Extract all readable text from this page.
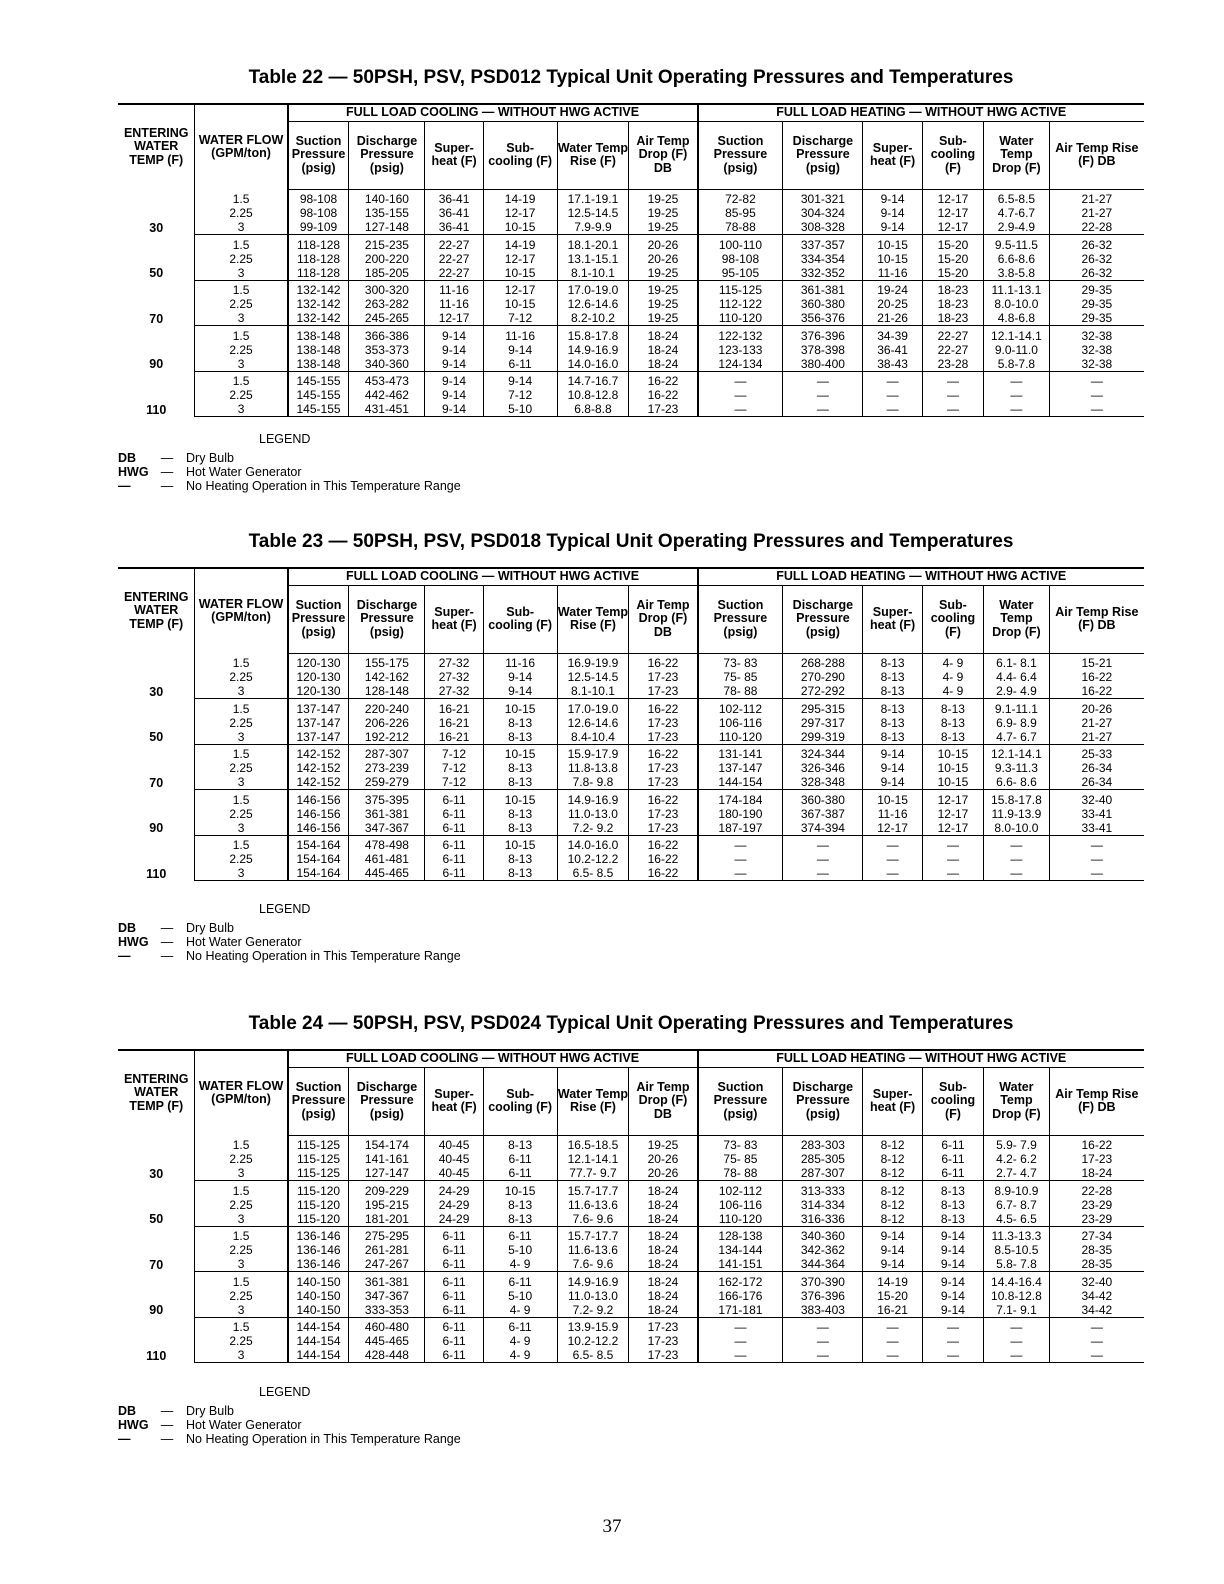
Table 22 — 50PSH, PSV, PSD012 Typical Unit Operating Pressures and Temperatures
ENTERING WATER TEMP (F)	WATER FLOW (GPM/ton)	FULL LOAD COOLING — WITHOUT HWG ACTIVE						FULL LOAD HEATING — WITHOUT HWG ACTIVE					
		Suction Pressure (psig)	Discharge Pressure (psig)	Super- heat (F)	Sub- cooling (F)	Water Temp Rise (F)	Air Temp Drop (F) DB	Suction Pressure (psig)	Discharge Pressure (psig)	Super- heat (F)	Sub- cooling (F)	Water Temp Drop (F)	Air Temp Rise (F) DB
30	1.5	98-108	140-160	36-41	14-19	17.1-19.1	19-25	72-82	301-321	9-14	12-17	6.5-8.5	21-27
	2.25	98-108	135-155	36-41	12-17	12.5-14.5	19-25	85-95	304-324	9-14	12-17	4.7-6.7	21-27
	3	99-109	127-148	36-41	10-15	7.9-9.9	19-25	78-88	308-328	9-14	12-17	2.9-4.9	22-28
50	1.5	118-128	215-235	22-27	14-19	18.1-20.1	20-26	100-110	337-357	10-15	15-20	9.5-11.5	26-32
	2.25	118-128	200-220	22-27	12-17	13.1-15.1	20-26	98-108	334-354	10-15	15-20	6.6-8.6	26-32
	3	118-128	185-205	22-27	10-15	8.1-10.1	19-25	95-105	332-352	11-16	15-20	3.8-5.8	26-32
70	1.5	132-142	300-320	11-16	12-17	17.0-19.0	19-25	115-125	361-381	19-24	18-23	11.1-13.1	29-35
	2.25	132-142	263-282	11-16	10-15	12.6-14.6	19-25	112-122	360-380	20-25	18-23	8.0-10.0	29-35
	3	132-142	245-265	12-17	7-12	8.2-10.2	19-25	110-120	356-376	21-26	18-23	4.8-6.8	29-35
90	1.5	138-148	366-386	9-14	11-16	15.8-17.8	18-24	122-132	376-396	34-39	22-27	12.1-14.1	32-38
	2.25	138-148	353-373	9-14	9-14	14.9-16.9	18-24	123-133	378-398	36-41	22-27	9.0-11.0	32-38
	3	138-148	340-360	9-14	6-11	14.0-16.0	18-24	124-134	380-400	38-43	23-28	5.8-7.8	32-38
110	1.5	145-155	453-473	9-14	9-14	14.7-16.7	16-22	—	—	—	—	—	—
	2.25	145-155	442-462	9-14	7-12	10.8-12.8	16-22	—	—	—	—	—	—
	3	145-155	431-451	9-14	5-10	6.8-8.8	17-23	—	—	—	—	—	—
LEGEND
DB — Dry Bulb
HWG — Hot Water Generator
— — No Heating Operation in This Temperature Range
Table 23 — 50PSH, PSV, PSD018 Typical Unit Operating Pressures and Temperatures
ENTERING WATER TEMP (F)	WATER FLOW (GPM/ton)	FULL LOAD COOLING — WITHOUT HWG ACTIVE						FULL LOAD HEATING — WITHOUT HWG ACTIVE					
		Suction Pressure (psig)	Discharge Pressure (psig)	Super- heat (F)	Sub- cooling (F)	Water Temp Rise (F)	Air Temp Drop (F) DB	Suction Pressure (psig)	Discharge Pressure (psig)	Super- heat (F)	Sub- cooling (F)	Water Temp Drop (F)	Air Temp Rise (F) DB
30	1.5	120-130	155-175	27-32	11-16	16.9-19.9	16-22	73- 83	268-288	8-13	4- 9	6.1- 8.1	15-21
	2.25	120-130	142-162	27-32	9-14	12.5-14.5	17-23	75- 85	270-290	8-13	4- 9	4.4- 6.4	16-22
	3	120-130	128-148	27-32	9-14	8.1-10.1	17-23	78- 88	272-292	8-13	4- 9	2.9- 4.9	16-22
50	1.5	137-147	220-240	16-21	10-15	17.0-19.0	16-22	102-112	295-315	8-13	8-13	9.1-11.1	20-26
	2.25	137-147	206-226	16-21	8-13	12.6-14.6	17-23	106-116	297-317	8-13	8-13	6.9- 8.9	21-27
	3	137-147	192-212	16-21	8-13	8.4-10.4	17-23	110-120	299-319	8-13	8-13	4.7- 6.7	21-27
70	1.5	142-152	287-307	7-12	10-15	15.9-17.9	16-22	131-141	324-344	9-14	10-15	12.1-14.1	25-33
	2.25	142-152	273-239	7-12	8-13	11.8-13.8	17-23	137-147	326-346	9-14	10-15	9.3-11.3	26-34
	3	142-152	259-279	7-12	8-13	7.8- 9.8	17-23	144-154	328-348	9-14	10-15	6.6- 8.6	26-34
90	1.5	146-156	375-395	6-11	10-15	14.9-16.9	16-22	174-184	360-380	10-15	12-17	15.8-17.8	32-40
	2.25	146-156	361-381	6-11	8-13	11.0-13.0	17-23	180-190	367-387	11-16	12-17	11.9-13.9	33-41
	3	146-156	347-367	6-11	8-13	7.2- 9.2	17-23	187-197	374-394	12-17	12-17	8.0-10.0	33-41
110	1.5	154-164	478-498	6-11	10-15	14.0-16.0	16-22	—	—	—	—	—	—
	2.25	154-164	461-481	6-11	8-13	10.2-12.2	16-22	—	—	—	—	—	—
	3	154-164	445-465	6-11	8-13	6.5- 8.5	16-22	—	—	—	—	—	—
LEGEND
DB — Dry Bulb
HWG — Hot Water Generator
— — No Heating Operation in This Temperature Range
Table 24 — 50PSH, PSV, PSD024 Typical Unit Operating Pressures and Temperatures
ENTERING WATER TEMP (F)	WATER FLOW (GPM/ton)	FULL LOAD COOLING — WITHOUT HWG ACTIVE						FULL LOAD HEATING — WITHOUT HWG ACTIVE					
		Suction Pressure (psig)	Discharge Pressure (psig)	Super- heat (F)	Sub- cooling (F)	Water Temp Rise (F)	Air Temp Drop (F) DB	Suction Pressure (psig)	Discharge Pressure (psig)	Super- heat (F)	Sub- cooling (F)	Water Temp Drop (F)	Air Temp Rise (F) DB
30	1.5	115-125	154-174	40-45	8-13	16.5-18.5	19-25	73- 83	283-303	8-12	6-11	5.9- 7.9	16-22
	2.25	115-125	141-161	40-45	6-11	12.1-14.1	20-26	75- 85	285-305	8-12	6-11	4.2- 6.2	17-23
	3	115-125	127-147	40-45	6-11	77.7- 9.7	20-26	78- 88	287-307	8-12	6-11	2.7- 4.7	18-24
50	1.5	115-120	209-229	24-29	10-15	15.7-17.7	18-24	102-112	313-333	8-12	8-13	8.9-10.9	22-28
	2.25	115-120	195-215	24-29	8-13	11.6-13.6	18-24	106-116	314-334	8-12	8-13	6.7- 8.7	23-29
	3	115-120	181-201	24-29	8-13	7.6- 9.6	18-24	110-120	316-336	8-12	8-13	4.5- 6.5	23-29
70	1.5	136-146	275-295	6-11	6-11	15.7-17.7	18-24	128-138	340-360	9-14	9-14	11.3-13.3	27-34
	2.25	136-146	261-281	6-11	5-10	11.6-13.6	18-24	134-144	342-362	9-14	9-14	8.5-10.5	28-35
	3	136-146	247-267	6-11	4- 9	7.6- 9.6	18-24	141-151	344-364	9-14	9-14	5.8- 7.8	28-35
90	1.5	140-150	361-381	6-11	6-11	14.9-16.9	18-24	162-172	370-390	14-19	9-14	14.4-16.4	32-40
	2.25	140-150	347-367	6-11	5-10	11.0-13.0	18-24	166-176	376-396	15-20	9-14	10.8-12.8	34-42
	3	140-150	333-353	6-11	4- 9	7.2- 9.2	18-24	171-181	383-403	16-21	9-14	7.1- 9.1	34-42
110	1.5	144-154	460-480	6-11	6-11	13.9-15.9	17-23	—	—	—	—	—	—
	2.25	144-154	445-465	6-11	4- 9	10.2-12.2	17-23	—	—	—	—	—	—
	3	144-154	428-448	6-11	4- 9	6.5- 8.5	17-23	—	—	—	—	—	—
LEGEND
DB — Dry Bulb
HWG — Hot Water Generator
— — No Heating Operation in This Temperature Range
37
